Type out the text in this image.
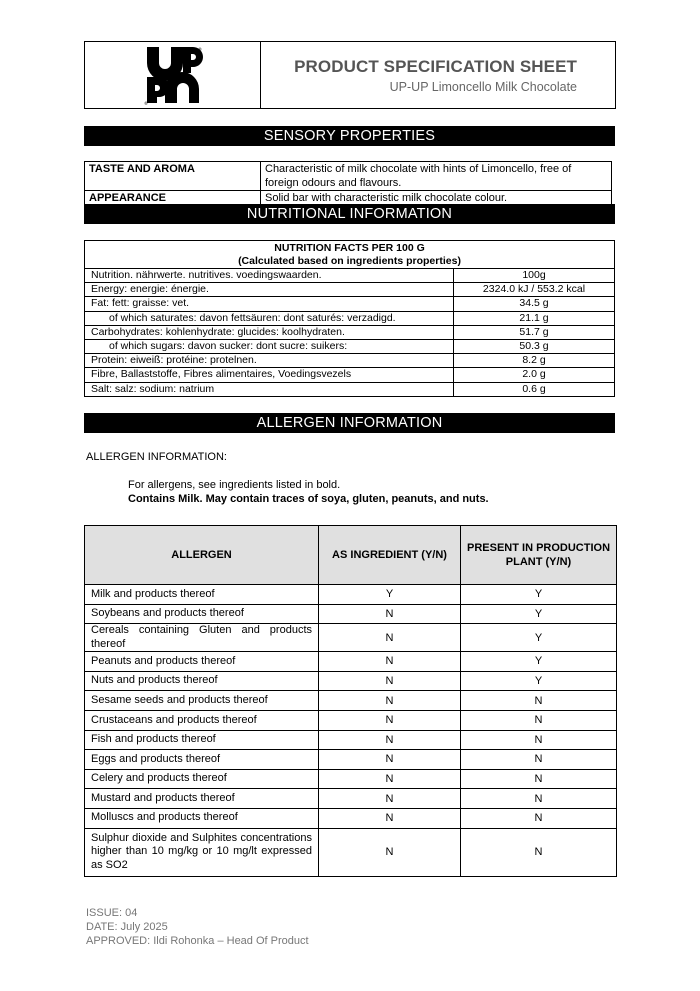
®
®
PRODUCT SPECIFICATION SHEET
UP-UP Limoncello Milk Chocolate
SENSORY PROPERTIES
TASTE AND AROMA	Characteristic of milk chocolate with hints of Limoncello, free of foreign odours and flavours.
APPEARANCE	Solid bar with characteristic milk chocolate colour.
NUTRITIONAL INFORMATION
NUTRITION FACTS PER 100 G
(Calculated based on ingredients properties)	

Nutrition. nährwerte. nutritives. voedingswaarden.	100g
Energy: energie: énergie.	2324.0 kJ / 553.2 kcal
Fat: fett: graisse: vet.	34.5 g
of which saturates: davon fettsäuren: dont saturés: verzadigd.	21.1 g
Carbohydrates: kohlenhydrate: glucides: koolhydraten.	51.7 g
of which sugars: davon sucker: dont sucre: suikers:	50.3 g
Protein: eiweiß: protéine: protelnen.	8.2 g
Fibre, Ballaststoffe, Fibres alimentaires, Voedingsvezels	2.0 g
Salt: salz: sodium: natrium	0.6 g
ALLERGEN INFORMATION
ALLERGEN INFORMATION:
For allergens, see ingredients listed in bold.
Contains Milk. May contain traces of soya, gluten, peanuts, and nuts.
ALLERGEN	AS INGREDIENT (Y/N)	PRESENT IN PRODUCTION PLANT (Y/N)
Milk and products thereof	Y	Y
Soybeans and products thereof	N	Y
Cereals containing Gluten and products thereof	N	Y
Peanuts and products thereof	N	Y
Nuts and products thereof	N	Y
Sesame seeds and products thereof	N	N
Crustaceans and products thereof	N	N
Fish and products thereof	N	N
Eggs and products thereof	N	N
Celery and products thereof	N	N
Mustard and products thereof	N	N
Molluscs and products thereof	N	N
Sulphur dioxide and Sulphites concentrations higher than 10 mg/kg or 10 mg/lt expressed as SO2	N	N
ISSUE: 04
DATE: July 2025
APPROVED: Ildi Rohonka – Head Of Product
